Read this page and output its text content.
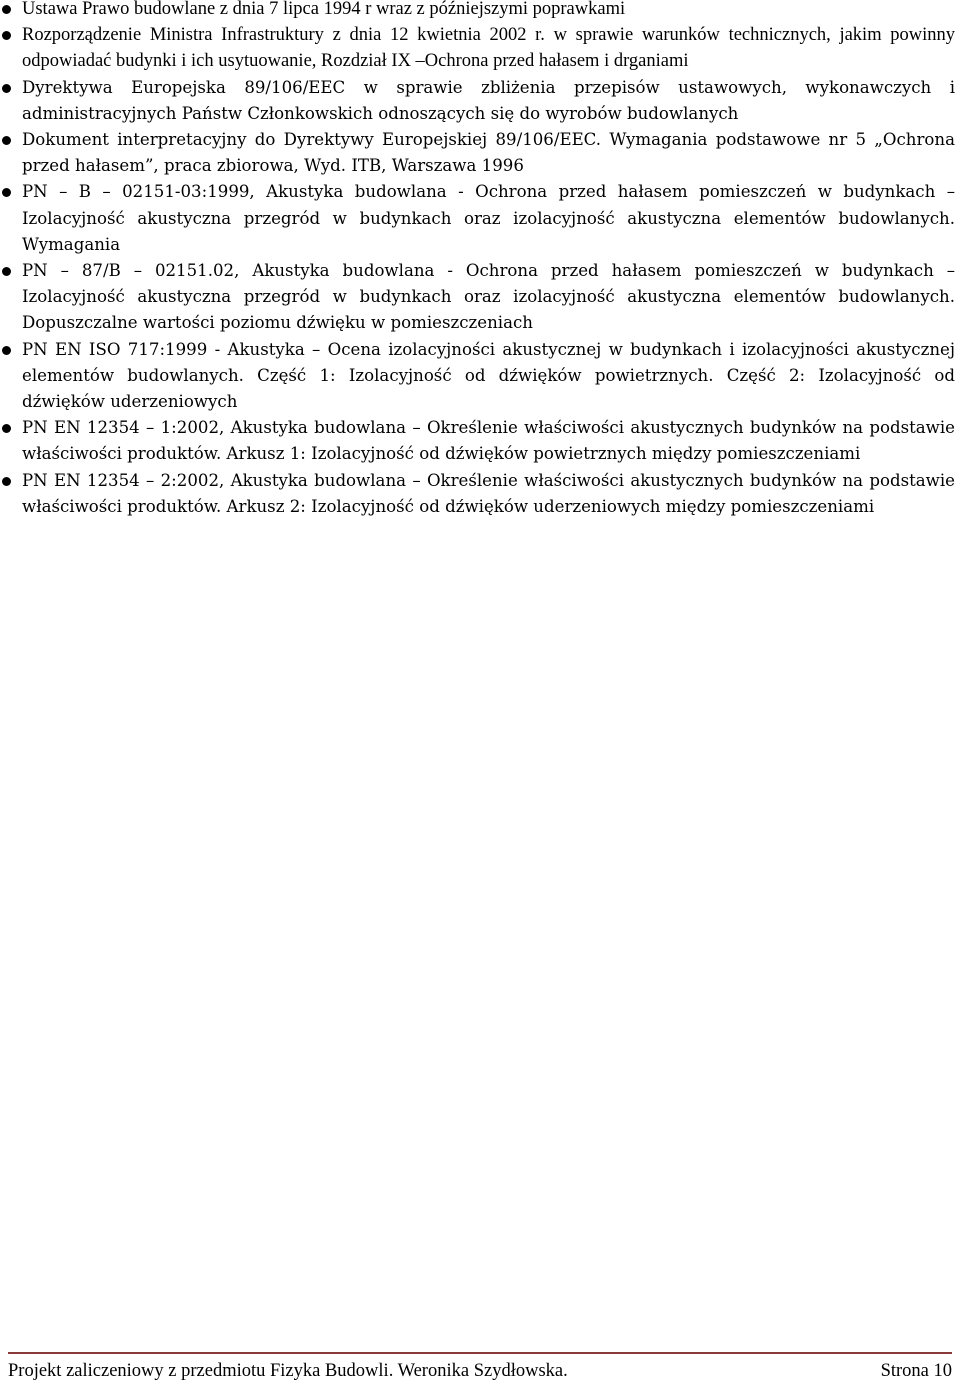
Ustawa Prawo budowlane z dnia 7 lipca 1994 r wraz z późniejszymi poprawkami
Rozporządzenie Ministra Infrastruktury z dnia 12 kwietnia 2002 r. w sprawie warunków technicznych, jakim powinny odpowiadać budynki i ich usytuowanie, Rozdział IX –Ochrona przed hałasem i drganiami
Dyrektywa Europejska 89/106/EEC w sprawie zbliżenia przepisów ustawowych, wykonawczych i administracyjnych Państw Członkowskich odnoszących się do wyrobów budowlanych
Dokument interpretacyjny do Dyrektywy Europejskiej 89/106/EEC. Wymagania podstawowe nr 5 „Ochrona przed hałasem”, praca zbiorowa, Wyd. ITB, Warszawa 1996
PN – B – 02151-03:1999, Akustyka budowlana - Ochrona przed hałasem pomieszczeń w budynkach – Izolacyjność akustyczna przegród w budynkach oraz izolacyjność akustyczna elementów budowlanych. Wymagania
PN – 87/B – 02151.02, Akustyka budowlana - Ochrona przed hałasem pomieszczeń w budynkach – Izolacyjność akustyczna przegród w budynkach oraz izolacyjność akustyczna elementów budowlanych. Dopuszczalne wartości poziomu dźwięku w pomieszczeniach
PN EN ISO 717:1999 - Akustyka – Ocena izolacyjności akustycznej w budynkach i izolacyjności akustycznej elementów budowlanych. Część 1: Izolacyjność od dźwięków powietrznych. Część 2: Izolacyjność od dźwięków uderzeniowych
PN EN 12354 – 1:2002, Akustyka budowlana – Określenie właściwości akustycznych budynków na podstawie właściwości produktów. Arkusz 1: Izolacyjność od dźwięków powietrznych między pomieszczeniami
PN EN 12354 – 2:2002, Akustyka budowlana – Określenie właściwości akustycznych budynków na podstawie właściwości produktów. Arkusz 2: Izolacyjność od dźwięków uderzeniowych między pomieszczeniami
Projekt zaliczeniowy z przedmiotu Fizyka Budowli. Weronika Szydłowska.	Strona 10
